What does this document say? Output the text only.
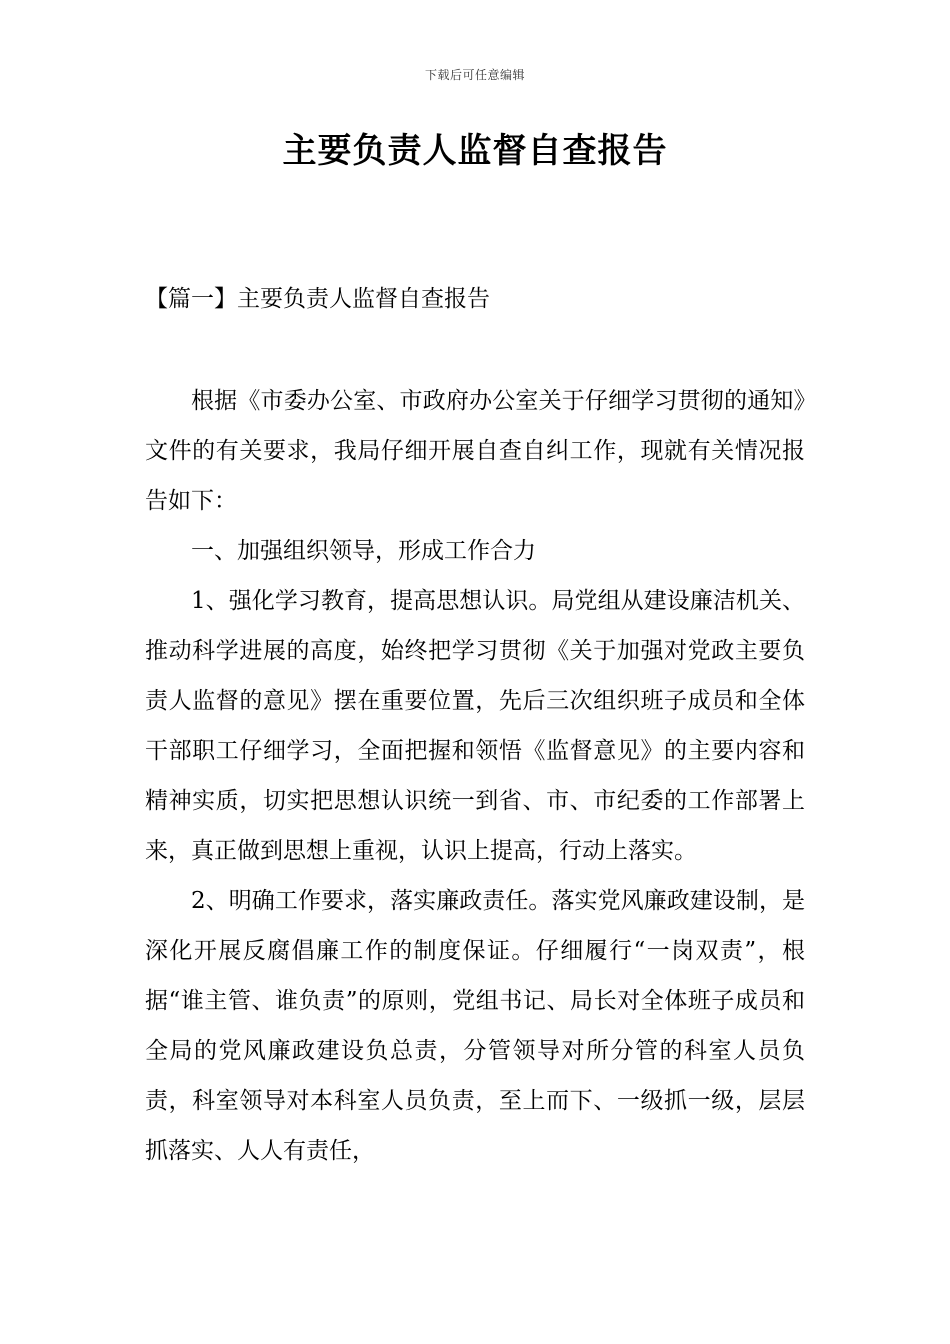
下载后可任意编辑
主要负责人监督自查报告
【篇一】主要负责人监督自查报告

根据《市委办公室、市政府办公室关于仔细学习贯彻的通知》文件的有关要求，我局仔细开展自查自纠工作，现就有关情况报告如下：

一、加强组织领导，形成工作合力

1、强化学习教育，提高思想认识。局党组从建设廉洁机关、推动科学进展的高度，始终把学习贯彻《关于加强对党政主要负责人监督的意见》摆在重要位置，先后三次组织班子成员和全体干部职工仔细学习，全面把握和领悟《监督意见》的主要内容和精神实质，切实把思想认识统一到省、市、市纪委的工作部署上来，真正做到思想上重视，认识上提高，行动上落实。

2、明确工作要求，落实廉政责任。落实党风廉政建设制，是深化开展反腐倡廉工作的制度保证。仔细履行“一岗双责”，根据“谁主管、谁负责”的原则，党组书记、局长对全体班子成员和全局的党风廉政建设负总责，分管领导对所分管的科室人员负责，科室领导对本科室人员负责，至上而下、一级抓一级，层层抓落实、人人有责任，
